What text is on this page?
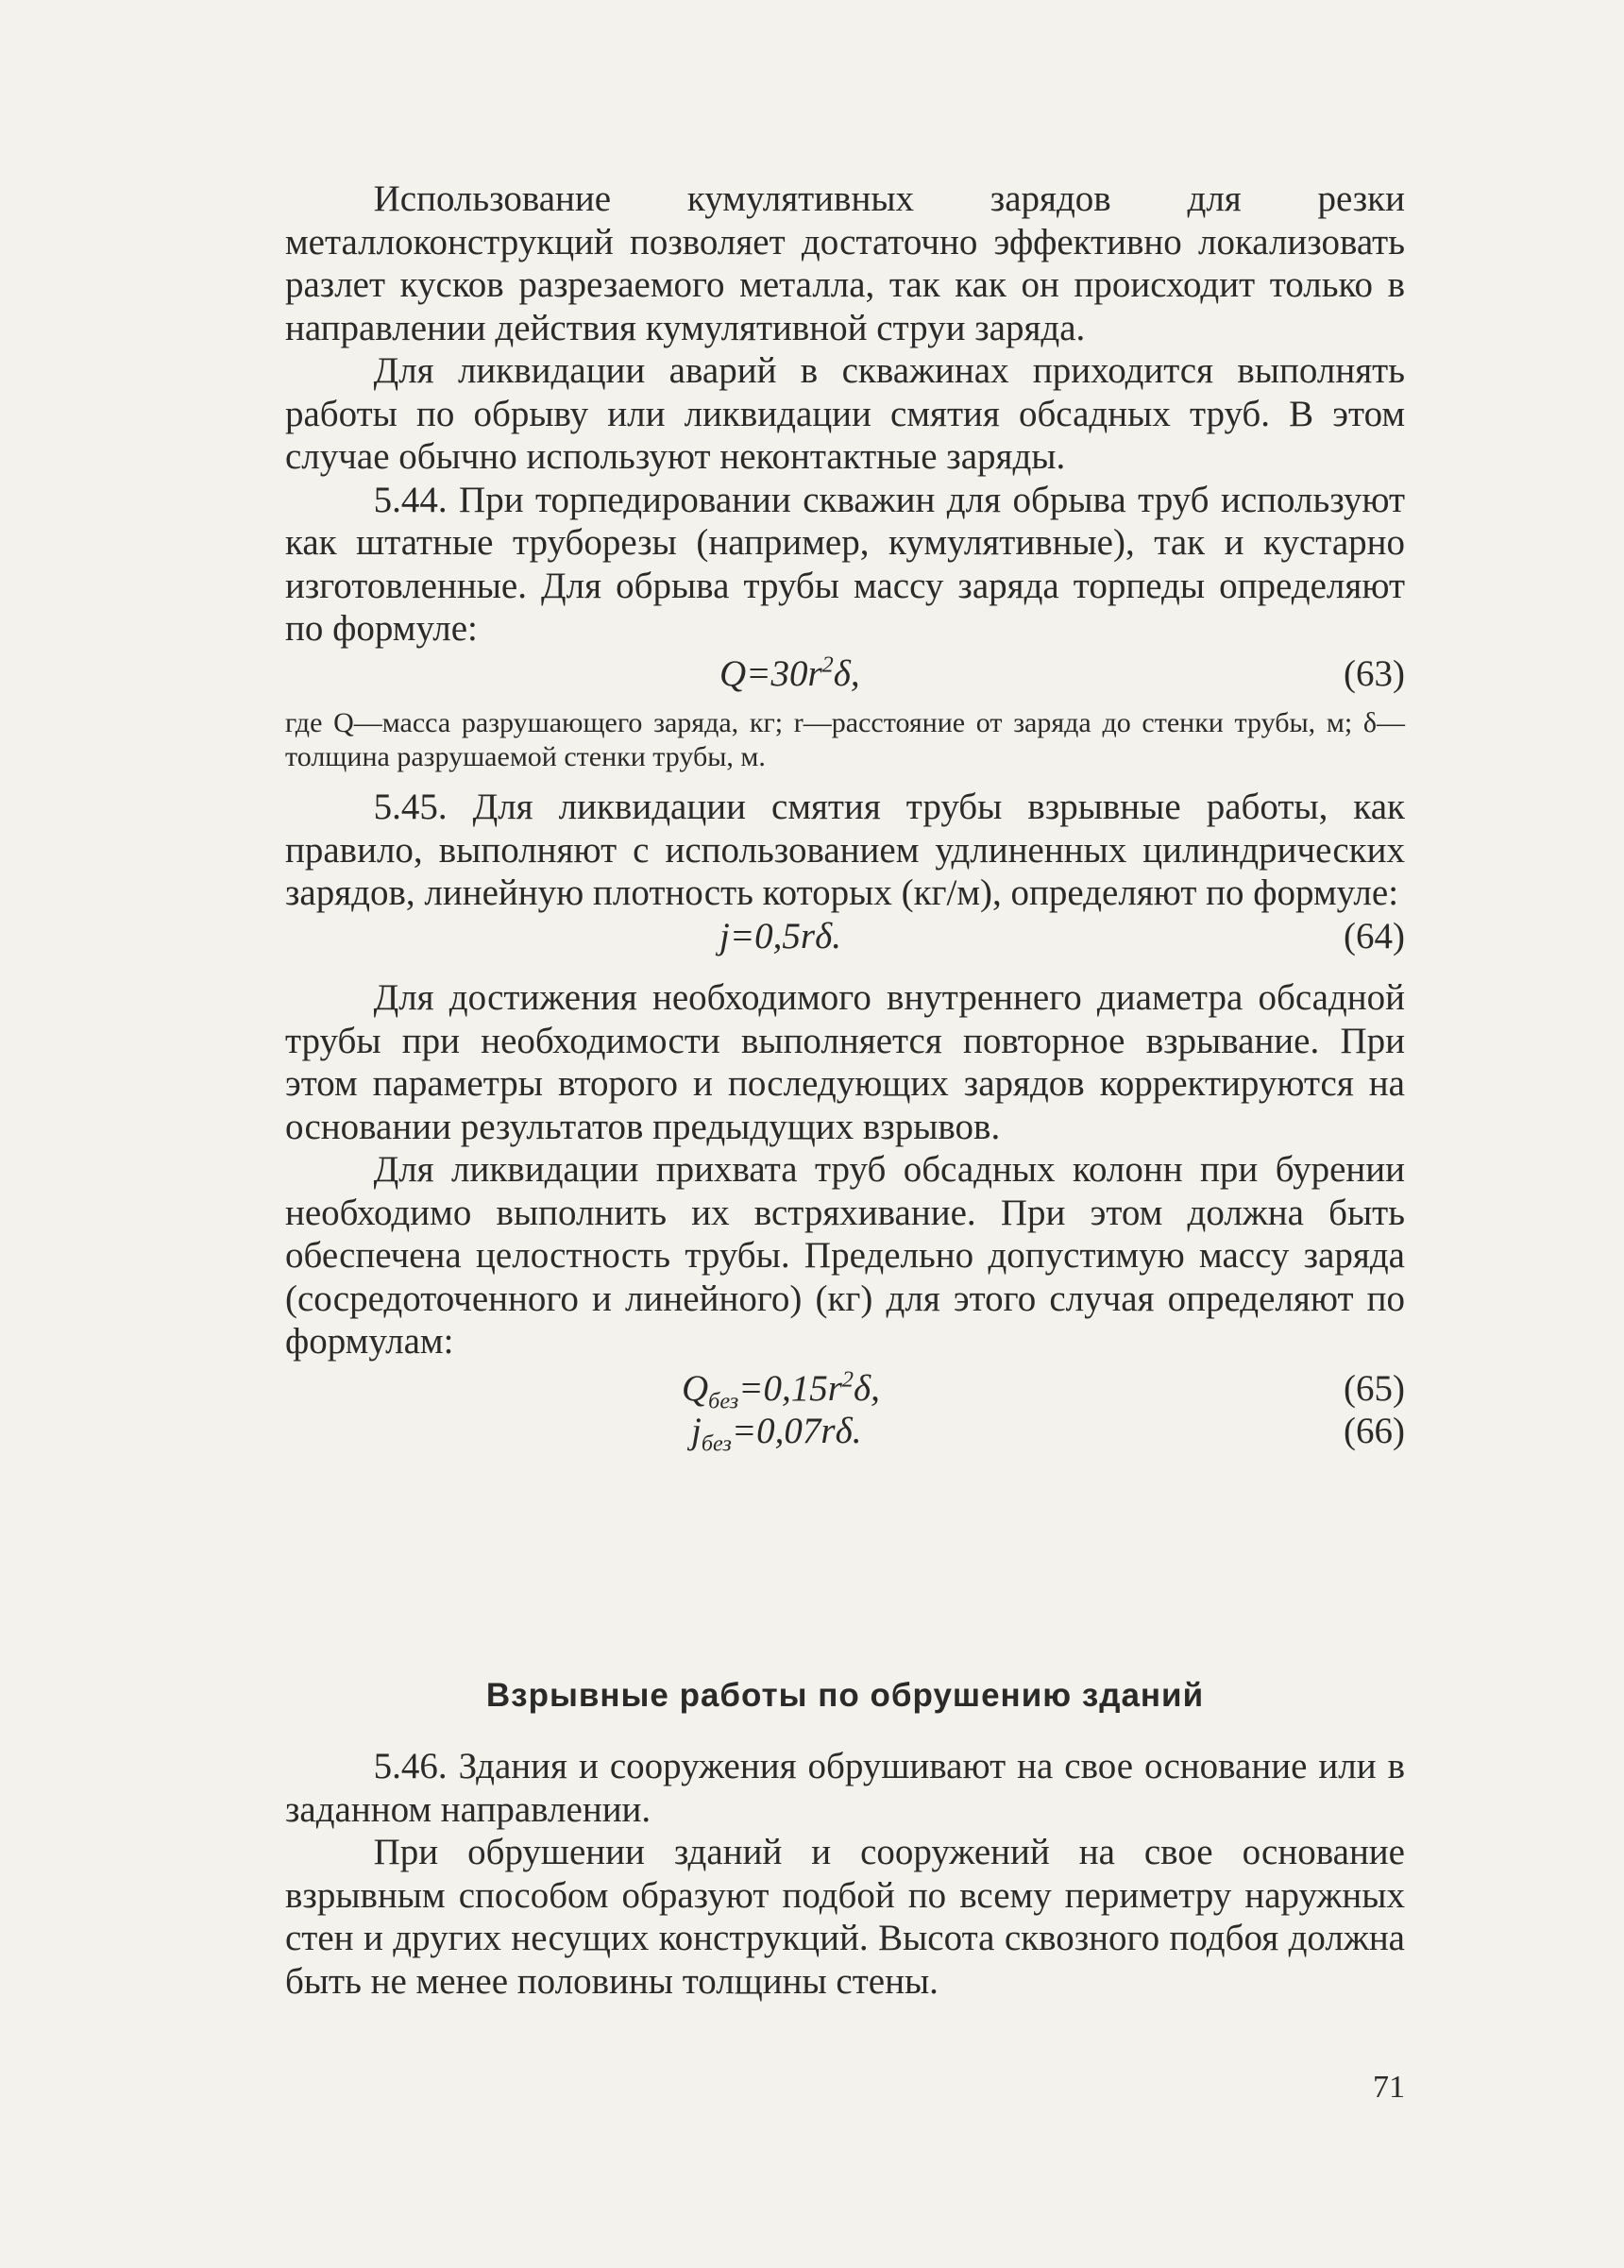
Использование кумулятивных зарядов для резки металлоконструкций позволяет достаточно эффективно локализовать разлет кусков разрезаемого металла, так как он происходит только в направлении действия кумулятивной струи заряда.

Для ликвидации аварий в скважинах приходится выполнять работы по обрыву или ликвидации смятия обсадных труб. В этом случае обычно используют неконтактные заряды.

5.44. При торпедировании скважин для обрыва труб используют как штатные труборезы (например, кумулятивные), так и кустарно изготовленные. Для обрыва трубы массу заряда торпеды определяют по формуле:

$Q=30r^2\delta$,	(63)

где Q—масса разрушающего заряда, кг; r—расстояние от заряда до стенки трубы, м; δ—толщина разрушаемой стенки трубы, м.

5.45. Для ликвидации смятия трубы взрывные работы, как правило, выполняют с использованием удлиненных цилиндрических зарядов, линейную плотность которых (кг/м), определяют по формуле:

j=0,5rδ.	(64)

Для достижения необходимого внутреннего диаметра обсадной трубы при необходимости выполняется повторное взрывание. При этом параметры второго и последующих зарядов корректируются на основании результатов предыдущих взрывов.

Для ликвидации прихвата труб обсадных колонн при бурении необходимо выполнить их встряхивание. При этом должна быть обеспечена целостность трубы. Предельно допустимую массу заряда (сосредоточенного и линейного) (кг) для этого случая определяют по формулам:

$Q_{без}=0,15r^2\delta$,	(65)
$j_{без}=0,07r\delta$.	(66)
Взрывные работы по обрушению зданий

5.46. Здания и сооружения обрушивают на свое основание или в заданном направлении.

При обрушении зданий и сооружений на свое основание взрывным способом образуют подбой по всему периметру наружных стен и других несущих конструкций. Высота сквозного подбоя должна быть не менее половины толщины стены.

71
